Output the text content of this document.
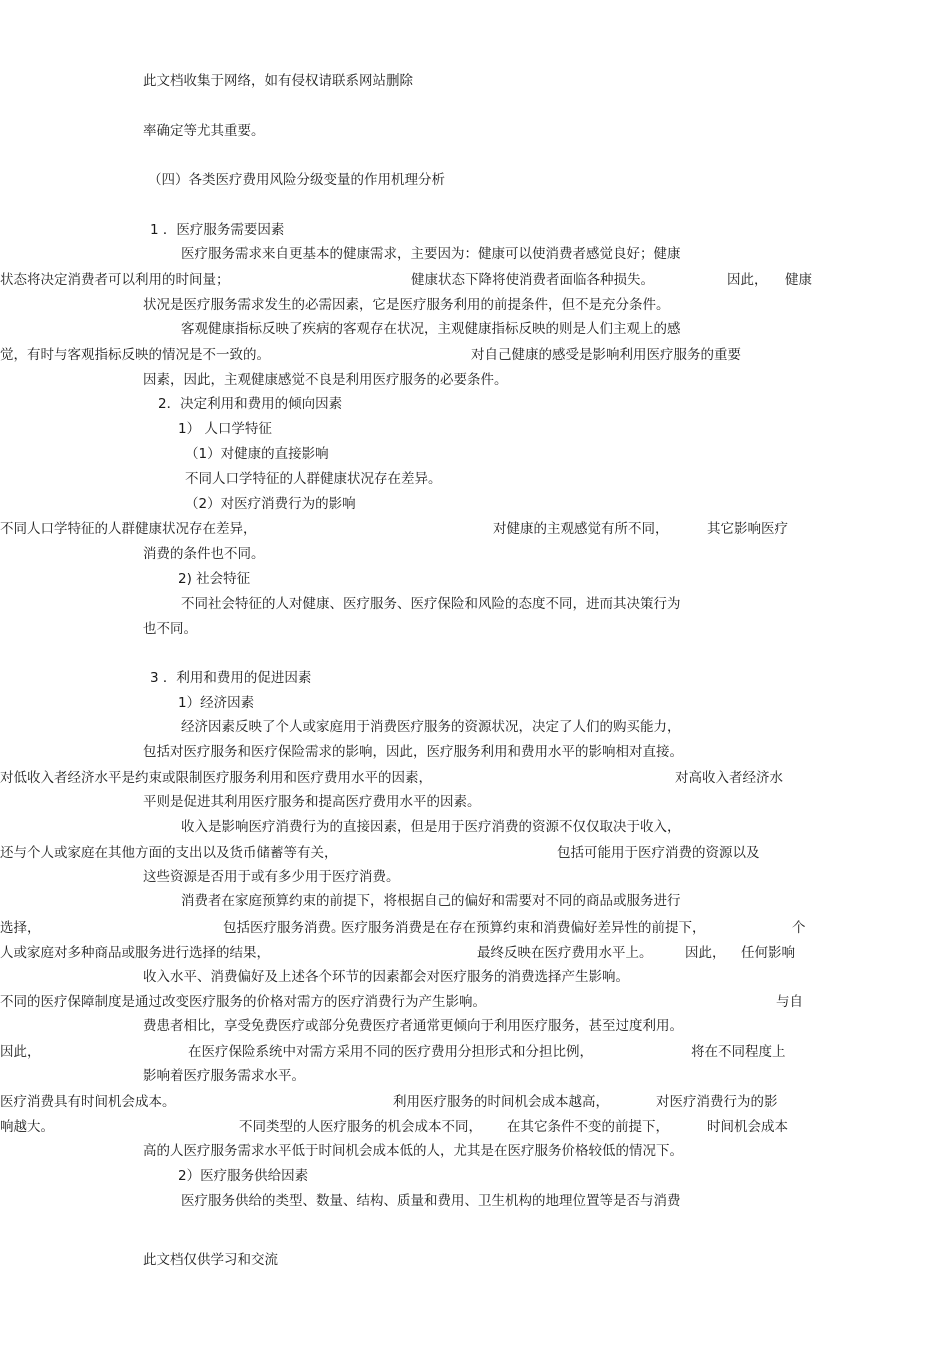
此文档收集于网络，如有侵权请联系网站删除
率确定等尤其重要。
（四）各类医疗费用风险分级变量的作用机理分析
1 ．医疗服务需要因素
医疗服务需求来自更基本的健康需求，主要因为：健康可以使消费者感觉良好；健康
状态将决定消费者可以利用的时间量；	健康状态下降将使消费者面临各种损失。	因此， 健康
状况是医疗服务需求发生的必需因素，它是医疗服务利用的前提条件，但不是充分条件。
客观健康指标反映了疾病的客观存在状况，主观健康指标反映的则是人们主观上的感
觉，有时与客观指标反映的情况是不一致的。	对自己健康的感受是影响利用医疗服务的重要
因素，因此，主观健康感觉不良是利用医疗服务的必要条件。
2．决定利用和费用的倾向因素
1） 人口学特征
（1）对健康的直接影响
不同人口学特征的人群健康状况存在差异。
（2）对医疗消费行为的影响
不同人口学特征的人群健康状况存在差异，	对健康的主观感觉有所不同，	其它影响医疗
消费的条件也不同。
2) 社会特征
不同社会特征的人对健康、医疗服务、医疗保险和风险的态度不同，进而其决策行为
也不同。
3 ．利用和费用的促进因素
1）经济因素
经济因素反映了个人或家庭用于消费医疗服务的资源状况，决定了人们的购买能力，
包括对医疗服务和医疗保险需求的影响，因此，医疗服务利用和费用水平的影响相对直接。
对低收入者经济水平是约束或限制医疗服务利用和医疗费用水平的因素，	对高收入者经济水
平则是促进其利用医疗服务和提高医疗费用水平的因素。
收入是影响医疗消费行为的直接因素，但是用于医疗消费的资源不仅仅取决于收入，
还与个人或家庭在其他方面的支出以及货币储蓄等有关，	包括可能用于医疗消费的资源以及
这些资源是否用于或有多少用于医疗消费。
消费者在家庭预算约束的前提下，将根据自己的偏好和需要对不同的商品或服务进行
选择，	包括医疗服务消费。
医疗服务消费是在存在预算约束和消费偏好差异性的前提下，	个
人或家庭对多种商品或服务进行选择的结果，	最终反映在医疗费用水平上。 因此， 任何影响
收入水平、消费偏好及上述各个环节的因素都会对医疗服务的消费选择产生影响。
不同的医疗保障制度是通过改变医疗服务的价格对需方的医疗消费行为产生影响。	与自
费患者相比，享受免费医疗或部分免费医疗者通常更倾向于利用医疗服务，甚至过度利用。
因此，	在医疗保险系统中对需方采用不同的医疗费用分担形式和分担比例，	将在不同程度上
影响着医疗服务需求水平。
医疗消费具有时间机会成本。	利用医疗服务的时间机会成本越高，	对医疗消费行为的影
响越大。	不同类型的人医疗服务的机会成本不同， 在其它条件不变的前提下，	时间机会成本
高的人医疗服务需求水平低于时间机会成本低的人，尤其是在医疗服务价格较低的情况下。
2）医疗服务供给因素
医疗服务供给的类型、数量、结构、质量和费用、卫生机构的地理位置等是否与消费
此文档仅供学习和交流
